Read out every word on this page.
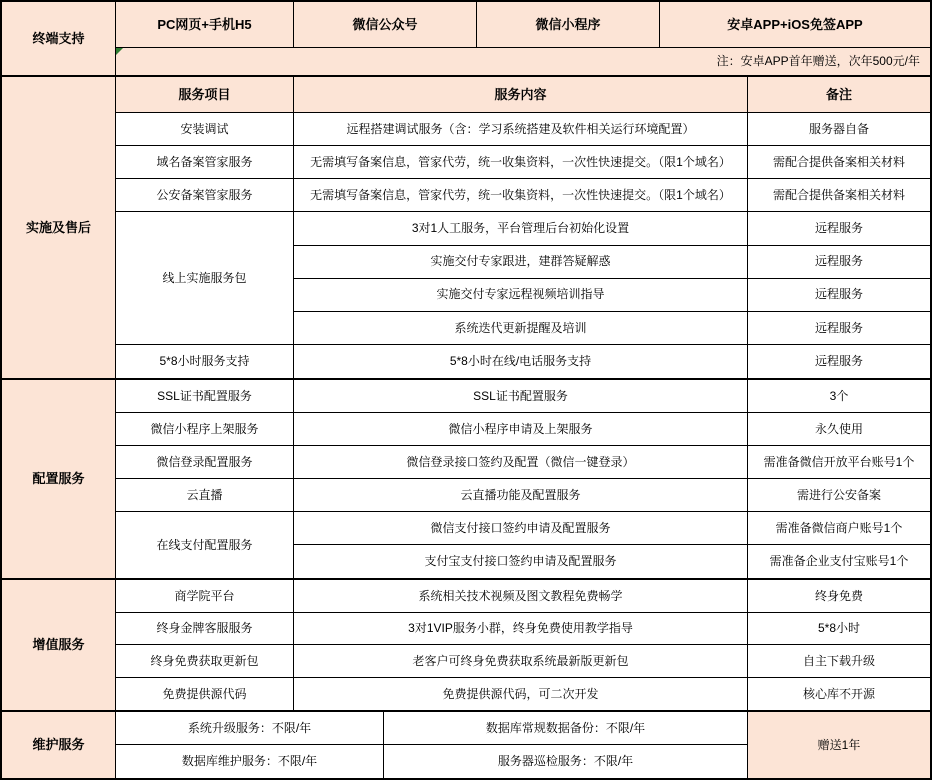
终端支持
PC网页+手机H5	微信公众号	微信小程序	安卓APP+iOS免签APP
注：安卓APP首年赠送，次年500元/年
实施及售后
服务项目	服务内容	备注
安装调试	远程搭建调试服务（含：学习系统搭建及软件相关运行环境配置）	服务器自备
域名备案管家服务	无需填写备案信息，管家代劳，统一收集资料，一次性快速提交。（限1个域名）	需配合提供备案相关材料
公安备案管家服务	无需填写备案信息，管家代劳，统一收集资料，一次性快速提交。（限1个域名）	需配合提供备案相关材料
线上实施服务包
3对1人工服务，平台管理后台初始化设置	远程服务
实施交付专家跟进，建群答疑解惑	远程服务
实施交付专家远程视频培训指导	远程服务
系统迭代更新提醒及培训	远程服务
5*8小时服务支持	5*8小时在线/电话服务支持	远程服务
配置服务
SSL证书配置服务	SSL证书配置服务	3个
微信小程序上架服务	微信小程序申请及上架服务	永久使用
微信登录配置服务	微信登录接口签约及配置（微信一键登录）	需准备微信开放平台账号1个
云直播	云直播功能及配置服务	需进行公安备案
在线支付配置服务
微信支付接口签约申请及配置服务	需准备微信商户账号1个
支付宝支付接口签约申请及配置服务	需准备企业支付宝账号1个
增值服务
商学院平台	系统相关技术视频及图文教程免费畅学	终身免费
终身金牌客服服务	3对1VIP服务小群，终身免费使用教学指导	5*8小时
终身免费获取更新包	老客户可终身免费获取系统最新版更新包	自主下载升级
免费提供源代码	免费提供源代码，可二次开发	核心库不开源
维护服务
系统升级服务：不限/年	数据库常规数据备份：不限/年
赠送1年
数据库维护服务：不限/年	服务器巡检服务：不限/年
